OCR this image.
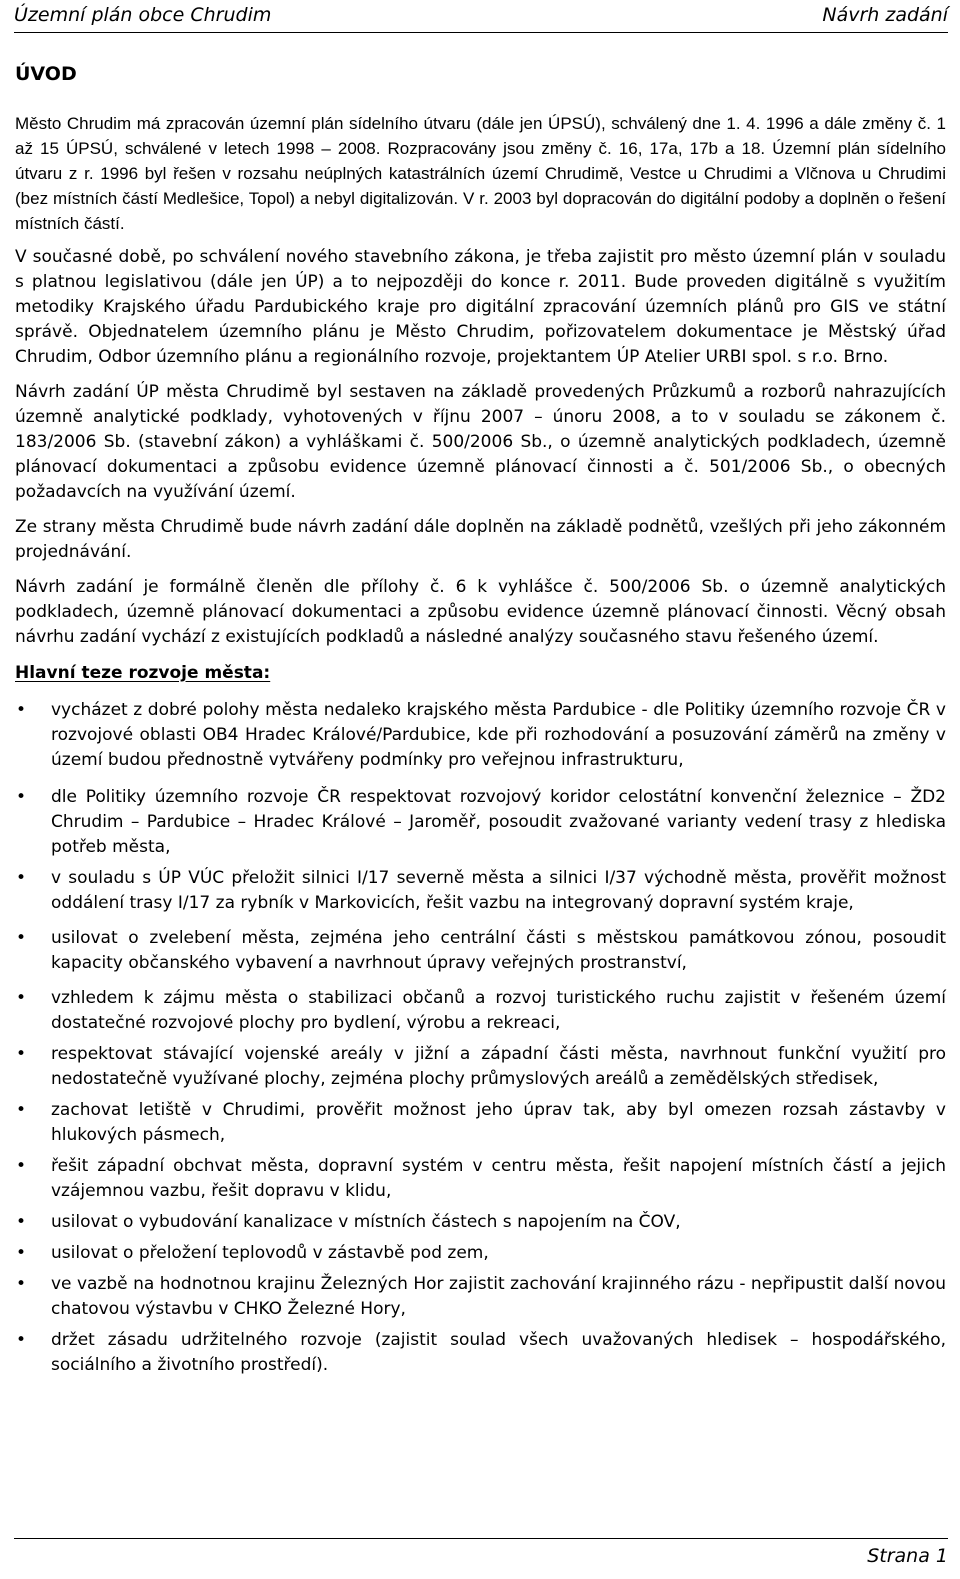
Územní plán obce Chrudim	Návrh zadání
ÚVOD

Město Chrudim má zpracován územní plán sídelního útvaru (dále jen ÚPSÚ), schválený dne 1. 4. 1996 a dále změny č. 1 až 15 ÚPSÚ, schválené v letech 1998 – 2008. Rozpracovány jsou změny č. 16, 17a, 17b a 18. Územní plán sídelního útvaru z r. 1996 byl řešen v rozsahu neúplných katastrálních území Chrudimě, Vestce u Chrudimi a Vlčnova u Chrudimi (bez místních částí Medlešice, Topol) a nebyl digitalizován. V r. 2003 byl dopracován do digitální podoby a doplněn o řešení místních částí.

V současné době, po schválení nového stavebního zákona, je třeba zajistit pro město územní plán v souladu s platnou legislativou (dále jen ÚP) a to nejpozději do konce r. 2011. Bude proveden digitálně s využitím metodiky Krajského úřadu Pardubického kraje pro digitální zpracování územních plánů pro GIS ve státní správě. Objednatelem územního plánu je Město Chrudim, pořizovatelem dokumentace je Městský úřad Chrudim, Odbor územního plánu a regionálního rozvoje, projektantem ÚP Atelier URBI spol. s r.o. Brno.

Návrh zadání ÚP města Chrudimě byl sestaven na základě provedených Průzkumů a rozborů nahrazujících územně analytické podklady, vyhotovených v říjnu 2007 – únoru 2008, a to v souladu se zákonem č. 183/2006 Sb. (stavební zákon) a vyhláškami č. 500/2006 Sb., o územně analytických podkladech, územně plánovací dokumentaci a způsobu evidence územně plánovací činnosti a č. 501/2006 Sb., o obecných požadavcích na využívání území.

Ze strany města Chrudimě bude návrh zadání dále doplněn na základě podnětů, vzešlých při jeho zákonném projednávání.

Návrh zadání je formálně členěn dle přílohy č. 6 k vyhlášce č. 500/2006 Sb. o územně analytických podkladech, územně plánovací dokumentaci a způsobu evidence územně plánovací činnosti. Věcný obsah návrhu zadání vychází z existujících podkladů a následné analýzy současného stavu řešeného území.

Hlavní teze rozvoje města:
• vycházet z dobré polohy města nedaleko krajského města Pardubice - dle Politiky územního rozvoje ČR v rozvojové oblasti OB4 Hradec Králové/Pardubice, kde při rozhodování a posuzování záměrů na změny v území budou přednostně vytvářeny podmínky pro veřejnou infrastrukturu,
• dle Politiky územního rozvoje ČR respektovat rozvojový koridor celostátní konvenční železnice – ŽD2 Chrudim – Pardubice – Hradec Králové – Jaroměř, posoudit zvažované varianty vedení trasy z hlediska potřeb města,
• v souladu s ÚP VÚC přeložit silnici I/17 severně města a silnici I/37 východně města, prověřit možnost oddálení trasy I/17 za rybník v Markovicích, řešit vazbu na integrovaný dopravní systém kraje,
• usilovat o zvelebení města, zejména jeho centrální části s městskou památkovou zónou, posoudit kapacity občanského vybavení a navrhnout úpravy veřejných prostranství,
• vzhledem k zájmu města o stabilizaci občanů a rozvoj turistického ruchu zajistit v řešeném území dostatečné rozvojové plochy pro bydlení, výrobu a rekreaci,
• respektovat stávající vojenské areály v jižní a západní části města, navrhnout funkční využití pro nedostatečně využívané plochy, zejména plochy průmyslových areálů a zemědělských středisek,
• zachovat letiště v Chrudimi, prověřit možnost jeho úprav tak, aby byl omezen rozsah zástavby v hlukových pásmech,
• řešit západní obchvat města, dopravní systém v centru města, řešit napojení místních částí a jejich vzájemnou vazbu, řešit dopravu v klidu,
• usilovat o vybudování kanalizace v místních částech s napojením na ČOV,
• usilovat o přeložení teplovodů v zástavbě pod zem,
• ve vazbě na hodnotnou krajinu Železných Hor zajistit zachování krajinného rázu - nepřipustit další novou chatovou výstavbu v CHKO Železné Hory,
• držet zásadu udržitelného rozvoje (zajistit soulad všech uvažovaných hledisek – hospodářského, sociálního a životního prostředí).
Strana 1
